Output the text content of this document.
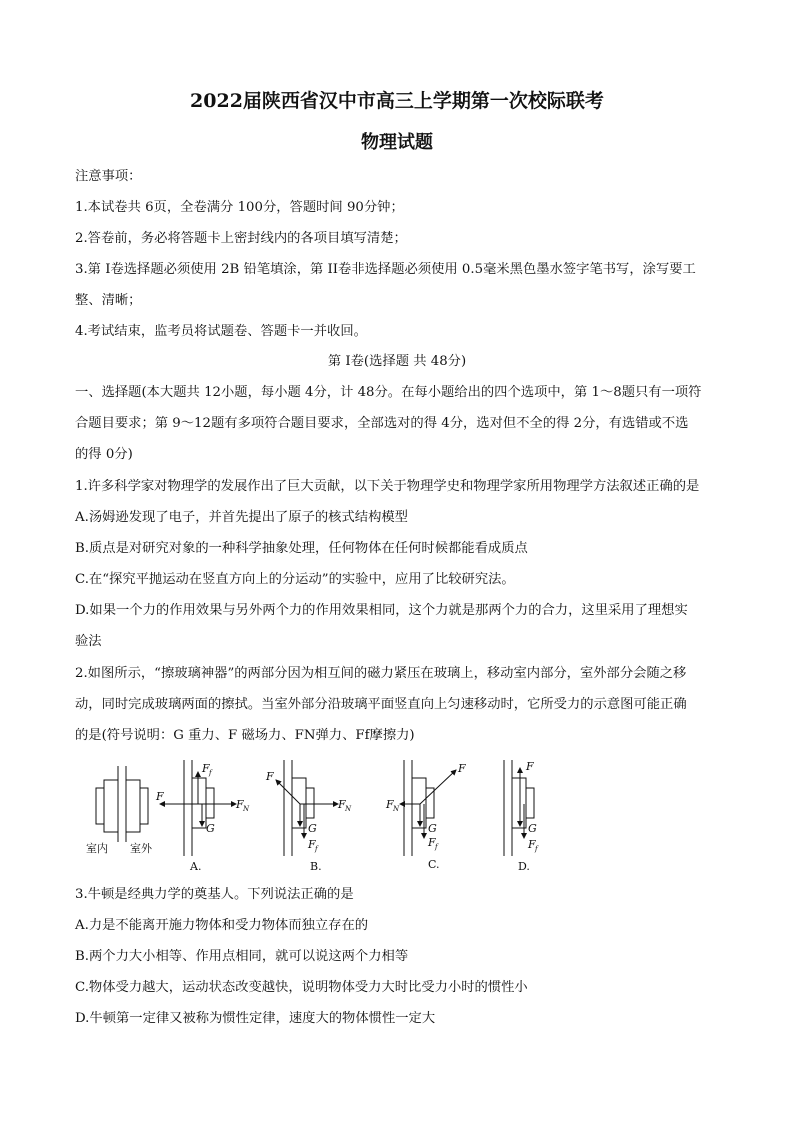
2022届陕西省汉中市高三上学期第一次校际联考
物理试题
注意事项：
1.本试卷共 6页，全卷满分 100分，答题时间 90分钟；
2.答卷前，务必将答题卡上密封线内的各项目填写清楚；
3.第 I卷选择题必须使用 2B 铅笔填涂，第 II卷非选择题必须使用 0.5毫米黑色墨水签字笔书写，涂写要工
整、清晰；
4.考试结束，监考员将试题卷、答题卡一并收回。
第 I卷(选择题 共 48分)
一、选择题(本大题共 12小题，每小题 4分，计 48分。在每小题给出的四个选项中，第 1～8题只有一项符
合题目要求；第 9～12题有多项符合题目要求，全部选对的得 4分，选对但不全的得 2分，有选错或不选
的得 0分)
1.许多科学家对物理学的发展作出了巨大贡献，以下关于物理学史和物理学家所用物理学方法叙述正确的是
A.汤姆逊发现了电子，并首先提出了原子的核式结构模型
B.质点是对研究对象的一种科学抽象处理，任何物体在任何时候都能看成质点
C.在“探究平抛运动在竖直方向上的分运动”的实验中，应用了比较研究法。
D.如果一个力的作用效果与另外两个力的作用效果相同，这个力就是那两个力的合力，这里采用了理想实
验法
2.如图所示，“擦玻璃神器”的两部分因为相互间的磁力紧压在玻璃上，移动室内部分，室外部分会随之移
动，同时完成玻璃两面的擦拭。当室外部分沿玻璃平面竖直向上匀速移动时，它所受力的示意图可能正确
的是(符号说明：G 重力、F 磁场力、FN弹力、Ff摩擦力)
室内 室外
F
F N
F f
G
F
F N
G
F f
F N
F
G
F f
F
G
F f
A.	B.	C.	D.
3.牛顿是经典力学的奠基人。下列说法正确的是
A.力是不能离开施力物体和受力物体而独立存在的
B.两个力大小相等、作用点相同，就可以说这两个力相等
C.物体受力越大，运动状态改变越快，说明物体受力大时比受力小时的惯性小
D.牛顿第一定律又被称为惯性定律，速度大的物体惯性一定大
